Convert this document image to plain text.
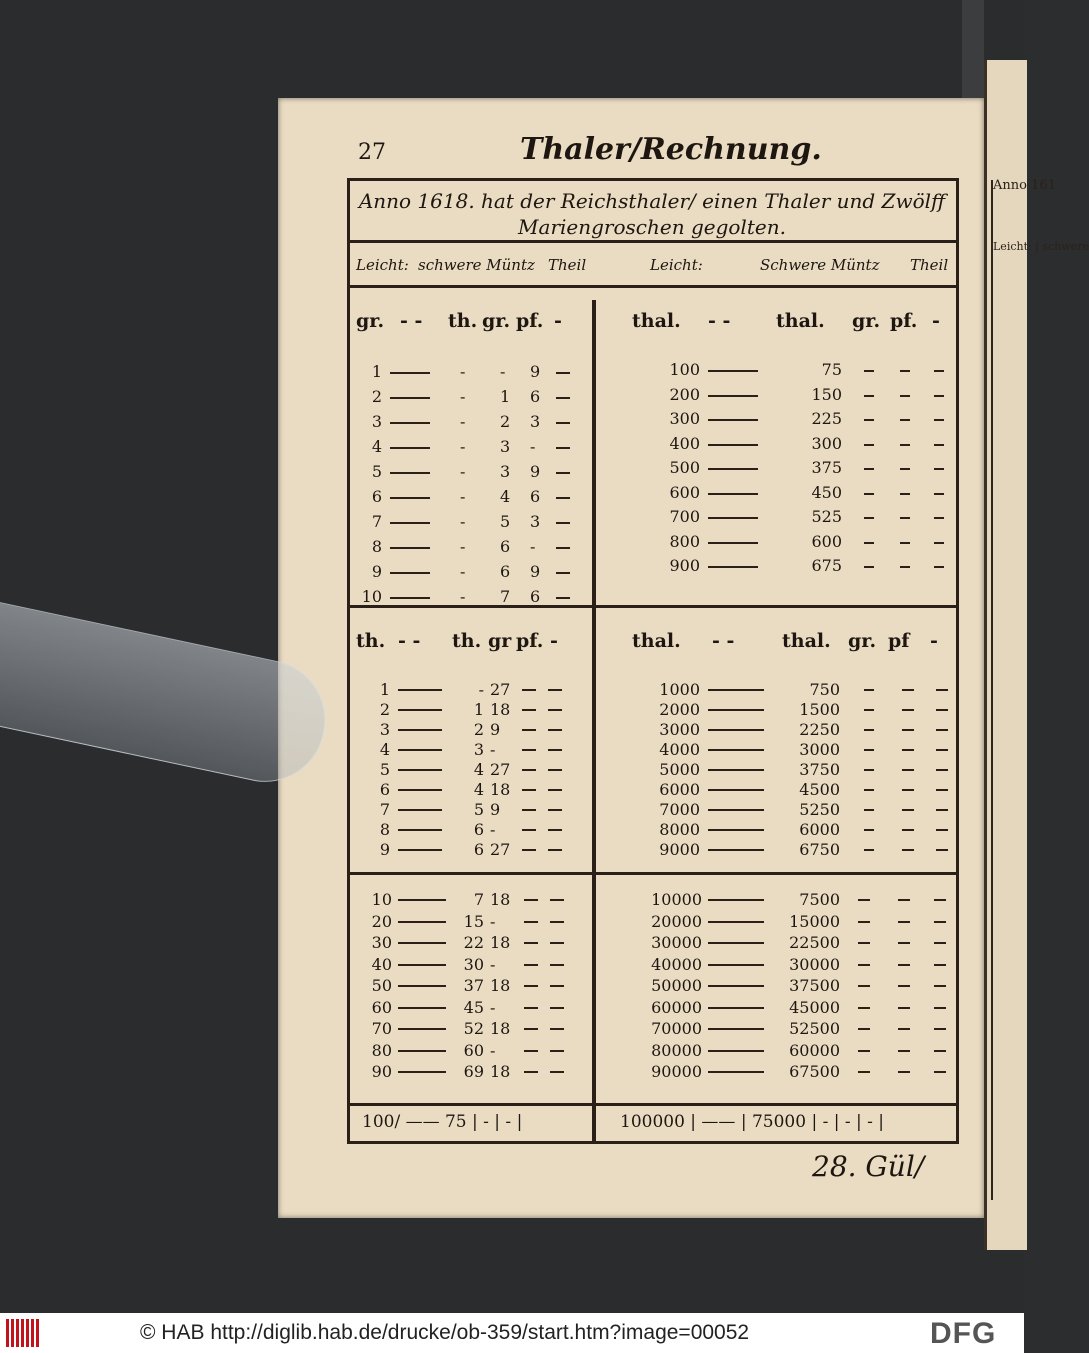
Anno 161
Leicht: | schwere
27	Thaler/Rechnung.
Anno 1618. hat der Reichsthaler/ einen Thaler und Zwölff
Mariengroschen gegolten.
Leicht: schwere Müntz Theil	Leicht:	Schwere Müntz Theil
gr. - - th. gr. pf. -
1	- - 9
2	- 1 6
3	- 2 3
4	- 3 -
5	- 3 9
6	- 4 6
7	- 5 3
8	- 6 -
9	- 6 9
10	- 7 6
thal. - - thal. gr. pf. -
100	75
200	150
300	225
400	300
500	375
600	450
700	525
800	600
900	675
th. - - th. gr pf. -
1	- 27
2	1 18
3	2 9
4	3 -
5	4 27
6	4 18
7	5 9
8	6 -
9	6 27
thal. - -	thal. gr. pf -
1000	750
2000	1500
3000	2250
4000	3000
5000	3750
6000	4500
7000	5250
8000	6000
9000	6750
10	7 18
20	15 -
30	22 18
40	30 -
50	37 18
60	45 -
70	52 18
80	60 -
90	69 18
10000	7500
20000	15000
30000	22500
40000	30000
50000	37500
60000	45000
70000	52500
80000	60000
90000	67500
100/ —— 75 | - | - |	100000 | —— | 75000 | - | - | - |
28. Gül/
© HAB http://diglib.hab.de/drucke/ob-359/start.htm?image=00052	DFG
